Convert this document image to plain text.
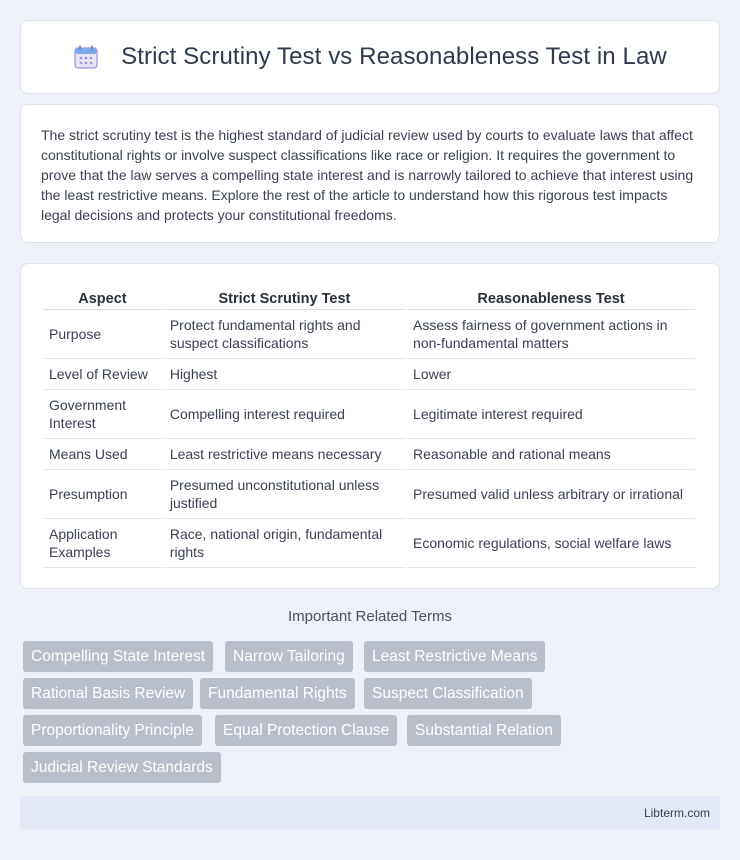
Strict Scrutiny Test vs Reasonableness Test in Law

The strict scrutiny test is the highest standard of judicial review used by courts to evaluate laws that affect constitutional rights or involve suspect classifications like race or religion. It requires the government to prove that the law serves a compelling state interest and is narrowly tailored to achieve that interest using the least restrictive means. Explore the rest of the article to understand how this rigorous test impacts legal decisions and protects your constitutional freedoms.

Aspect	Strict Scrutiny Test	Reasonableness Test
Purpose	Protect fundamental rights and suspect classifications	Assess fairness of government actions in non-fundamental matters
Level of Review	Highest	Lower
Government Interest	Compelling interest required	Legitimate interest required
Means Used	Least restrictive means necessary	Reasonable and rational means
Presumption	Presumed unconstitutional unless justified	Presumed valid unless arbitrary or irrational
Application Examples	Race, national origin, fundamental rights	Economic regulations, social welfare laws
Important Related Terms
Compelling State Interest	Narrow Tailoring	Least Restrictive Means
Rational Basis Review	Fundamental Rights	Suspect Classification
Proportionality Principle	Equal Protection Clause	Substantial Relation
Judicial Review Standards
Libterm.com
